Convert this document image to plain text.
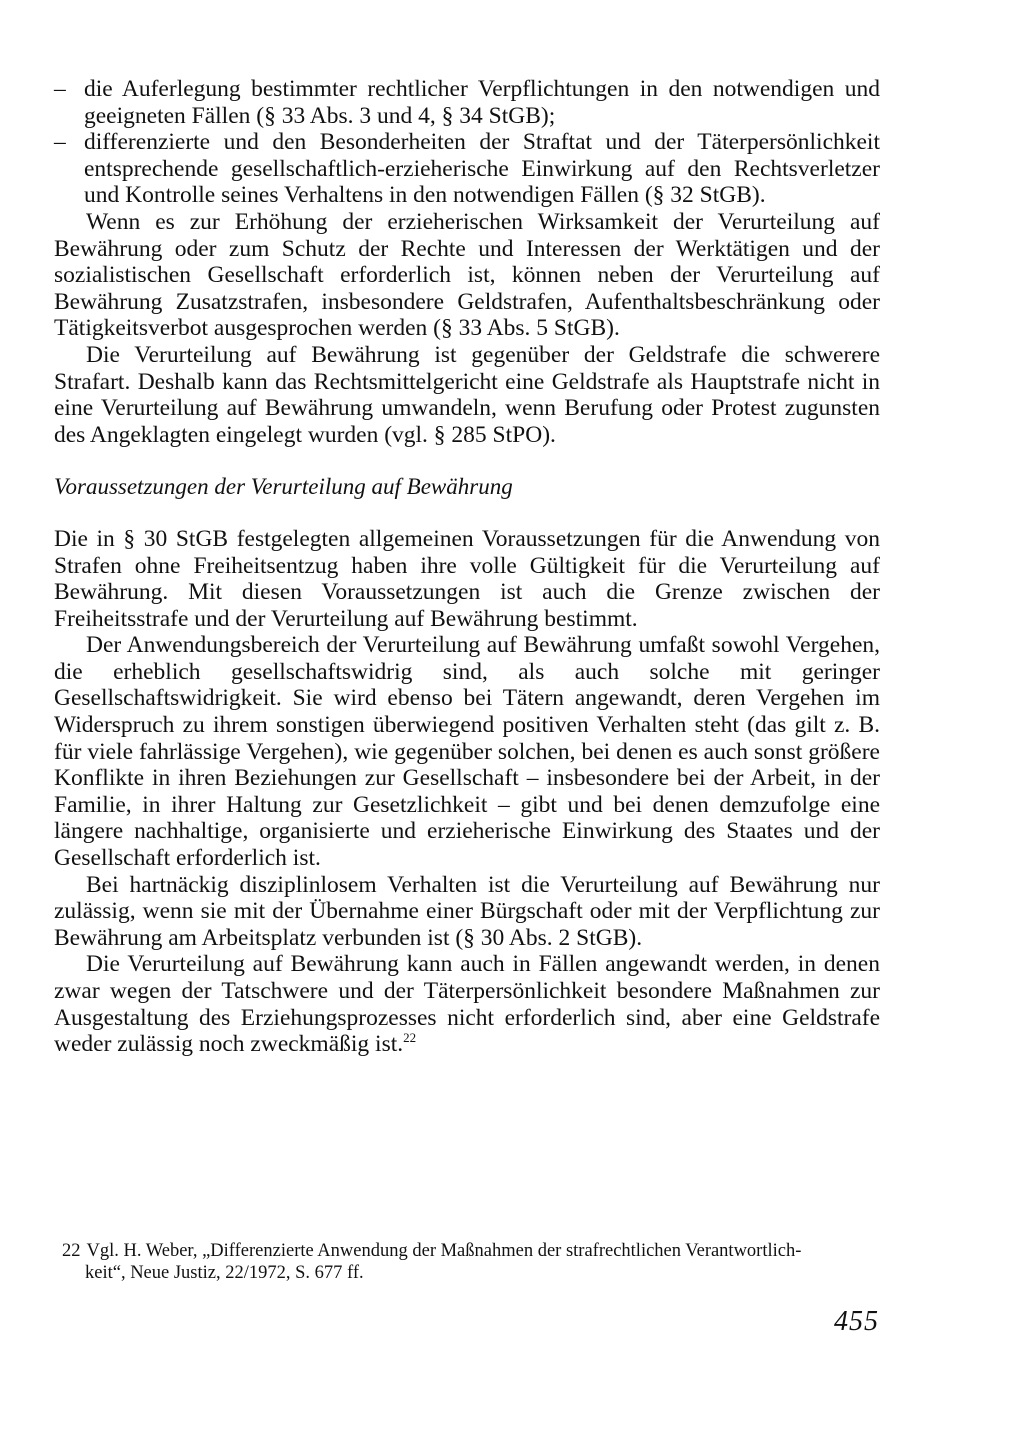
– die Auferlegung bestimmter rechtlicher Verpflichtungen in den notwendigen und geeigneten Fällen (§ 33 Abs. 3 und 4, § 34 StGB);
– differenzierte und den Besonderheiten der Straftat und der Täterpersönlichkeit entsprechende gesellschaftlich-erzieherische Einwirkung auf den Rechtsverletzer und Kontrolle seines Verhaltens in den notwendigen Fällen (§ 32 StGB).

Wenn es zur Erhöhung der erzieherischen Wirksamkeit der Verurteilung auf Bewährung oder zum Schutz der Rechte und Interessen der Werktätigen und der sozialistischen Gesellschaft erforderlich ist, können neben der Verurteilung auf Bewährung Zusatzstrafen, insbesondere Geldstrafen, Aufenthaltsbeschränkung oder Tätigkeitsverbot ausgesprochen werden (§ 33 Abs. 5 StGB).

Die Verurteilung auf Bewährung ist gegenüber der Geldstrafe die schwerere Strafart. Deshalb kann das Rechtsmittelgericht eine Geldstrafe als Hauptstrafe nicht in eine Verurteilung auf Bewährung umwandeln, wenn Berufung oder Protest zugunsten des Angeklagten eingelegt wurden (vgl. § 285 StPO).

Voraussetzungen der Verurteilung auf Bewährung

Die in § 30 StGB festgelegten allgemeinen Voraussetzungen für die Anwendung von Strafen ohne Freiheitsentzug haben ihre volle Gültigkeit für die Verurteilung auf Bewährung. Mit diesen Voraussetzungen ist auch die Grenze zwischen der Freiheitsstrafe und der Verurteilung auf Bewährung bestimmt.

Der Anwendungsbereich der Verurteilung auf Bewährung umfaßt sowohl Vergehen, die erheblich gesellschaftswidrig sind, als auch solche mit geringer Gesellschaftswidrigkeit. Sie wird ebenso bei Tätern angewandt, deren Vergehen im Widerspruch zu ihrem sonstigen überwiegend positiven Verhalten steht (das gilt z. B. für viele fahrlässige Vergehen), wie gegenüber solchen, bei denen es auch sonst größere Konflikte in ihren Beziehungen zur Gesellschaft – insbesondere bei der Arbeit, in der Familie, in ihrer Haltung zur Gesetzlichkeit – gibt und bei denen demzufolge eine längere nachhaltige, organisierte und erzieherische Einwirkung des Staates und der Gesellschaft erforderlich ist.

Bei hartnäckig disziplinlosem Verhalten ist die Verurteilung auf Bewährung nur zulässig, wenn sie mit der Übernahme einer Bürgschaft oder mit der Verpflichtung zur Bewährung am Arbeitsplatz verbunden ist (§ 30 Abs. 2 StGB).

Die Verurteilung auf Bewährung kann auch in Fällen angewandt werden, in denen zwar wegen der Tatschwere und der Täterpersönlichkeit besondere Maßnahmen zur Ausgestaltung des Erziehungsprozesses nicht erforderlich sind, aber eine Geldstrafe weder zulässig noch zweckmäßig ist.$^{22}$

22 Vgl. H. Weber, „Differenzierte Anwendung der Maßnahmen der strafrechtlichen Verantwortlich-
keit“, Neue Justiz, 22/1972, S. 677 ff.
455
